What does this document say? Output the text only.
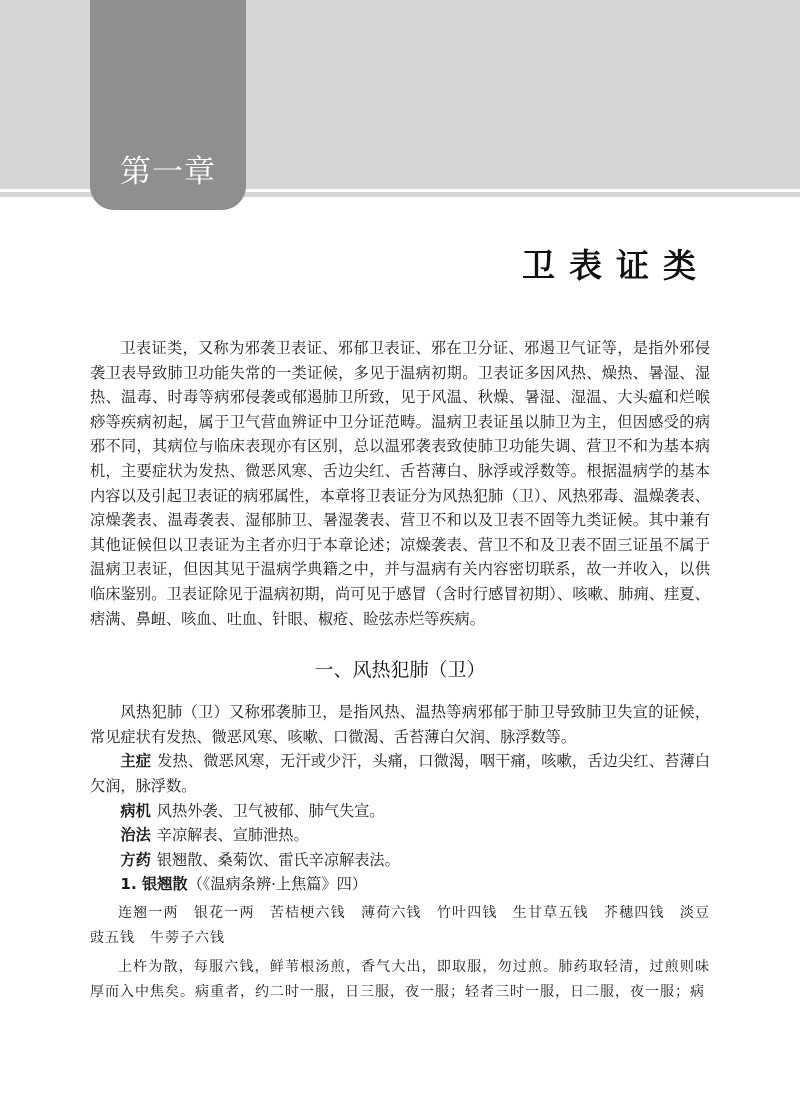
第一章
卫表证类

卫表证类，又称为邪袭卫表证、邪郁卫表证、邪在卫分证、邪遏卫气证等，是指外邪侵袭卫表导致肺卫功能失常的一类证候，多见于温病初期。卫表证多因风热、燥热、暑湿、湿热、温毒、时毒等病邪侵袭或郁遏肺卫所致，见于风温、秋燥、暑湿、湿温、大头瘟和烂喉痧等疾病初起，属于卫气营血辨证中卫分证范畴。温病卫表证虽以肺卫为主，但因感受的病邪不同，其病位与临床表现亦有区别，总以温邪袭表致使肺卫功能失调、营卫不和为基本病机，主要症状为发热、微恶风寒、舌边尖红、舌苔薄白、脉浮或浮数等。根据温病学的基本内容以及引起卫表证的病邪属性，本章将卫表证分为风热犯肺（卫）、风热邪毒、温燥袭表、凉燥袭表、温毒袭表、湿郁肺卫、暑湿袭表、营卫不和以及卫表不固等九类证候。其中兼有其他证候但以卫表证为主者亦归于本章论述；凉燥袭表、营卫不和及卫表不固三证虽不属于温病卫表证，但因其见于温病学典籍之中，并与温病有关内容密切联系，故一并收入，以供临床鉴别。卫表证除见于温病初期，尚可见于感冒（含时行感冒初期）、咳嗽、肺痈、疰夏、痞满、鼻衄、咳血、吐血、针眼、椒疮、睑弦赤烂等疾病。

一、风热犯肺（卫）

风热犯肺（卫）又称邪袭肺卫，是指风热、温热等病邪郁于肺卫导致肺卫失宣的证候，常见症状有发热、微恶风寒、咳嗽、口微渴、舌苔薄白欠润、脉浮数等。

主症 发热、微恶风寒，无汗或少汗，头痛，口微渴，咽干痛，咳嗽，舌边尖红、苔薄白欠润，脉浮数。

病机 风热外袭、卫气被郁、肺气失宣。

治法 辛凉解表、宣肺泄热。

方药 银翘散、桑菊饮、雷氏辛凉解表法。

1. 银翘散（《温病条辨·上焦篇》四）

连翘一两　银花一两　苦桔梗六钱　薄荷六钱　竹叶四钱　生甘草五钱　芥穗四钱　淡豆豉五钱　牛蒡子六钱

上杵为散，每服六钱，鲜苇根汤煎，香气大出，即取服，勿过煎。肺药取轻清，过煎则味厚而入中焦矣。病重者，约二时一服，日三服，夜一服；轻者三时一服，日二服，夜一服；病
